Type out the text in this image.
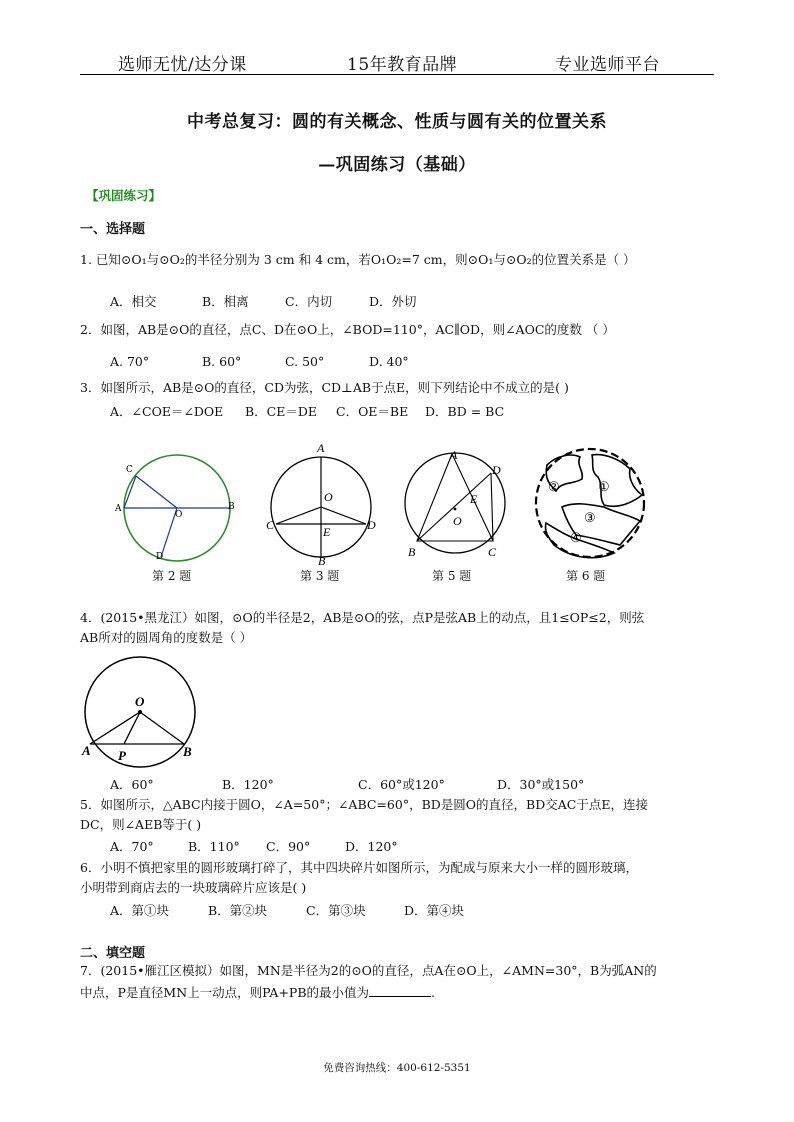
选师无忧/达分课	15年教育品牌	专业选师平台
中考总复习：圆的有关概念、性质与圆有关的位置关系
—巩固练习（基础）
【巩固练习】
一、选择题
1. 已知⊙O₁与⊙O₂的半径分别为 3 cm 和 4 cm，若O₁O₂=7 cm，则⊙O₁与⊙O₂的位置关系是（ ）
A．相交	B．相离	C．内切	D．外切
2．如图，AB是⊙O的直径，点C、D在⊙O上，∠BOD=110°，AC∥OD，则∠AOC的度数 （ ）
A. 70°	B. 60°	C. 50°	D. 40°
3．如图所示，AB是⊙O的直径，CD为弦，CD⊥AB于点E，则下列结论中不成立的是( )
A．∠COE＝∠DOE B．CE＝DE C．OE＝BE D．BD = BC
C
A
O
B
D
第 2 题
A
O
C	E	D
B
第 3 题
A
D
E
O
B	C
第 5 题
①
②
③
④
第 6 题
4．(2015•黑龙江）如图，⊙O的半径是2，AB是⊙O的弦，点P是弦AB上的动点，且1≤OP≤2，则弦
AB所对的圆周角的度数是（ ）
O
A P	B
A．60°	B．120°	C．60°或120°	D．30°或150°
5．如图所示，△ABC内接于圆O，∠A=50°；∠ABC=60°，BD是圆O的直径，BD交AC于点E，连接
DC，则∠AEB等于( )
A．70°	B．110° C．90°	D．120°
6．小明不慎把家里的圆形玻璃打碎了，其中四块碎片如图所示，为配成与原来大小一样的圆形玻璃，
小明带到商店去的一块玻璃碎片应该是( )
A．第①块	B．第②块	C．第③块	D．第④块
二、填空题
7．(2015•雁江区模拟）如图，MN是半径为2的⊙O的直径，点A在⊙O上，∠AMN=30°，B为弧AN的
中点，P是直径MN上一动点，则PA+PB的最小值为	.
免费咨询热线：400-612-5351
